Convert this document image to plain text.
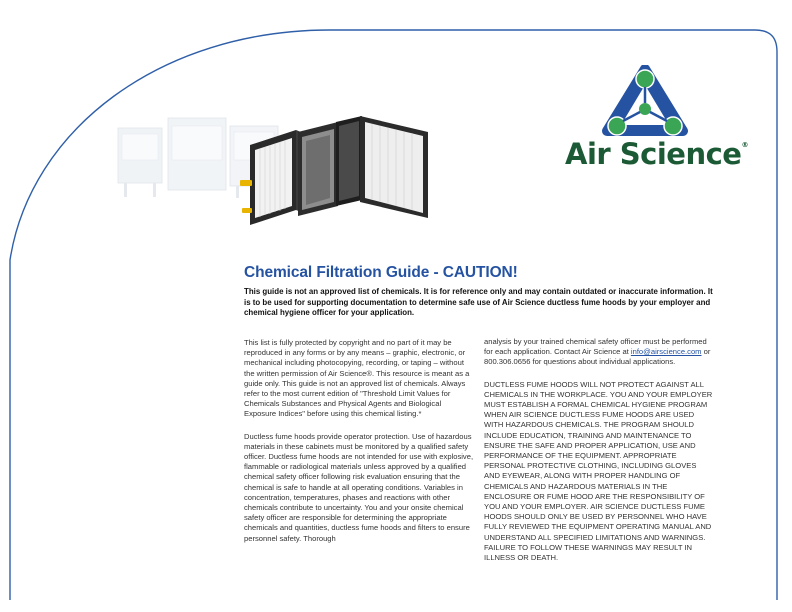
Air Science®
Chemical Filtration Guide - CAUTION!

This guide is not an approved list of chemicals. It is for reference only and may contain outdated or inaccurate information. It is to be used for supporting documentation to determine safe use of Air Science ductless fume hoods by your employer and chemical hygiene officer for your application.

This list is fully protected by copyright and no part of it may be reproduced in any forms or by any means – graphic, electronic, or mechanical including photocopying, recording, or taping – without the written permission of Air Science®. This resource is meant as a guide only. This guide is not an approved list of chemicals. Always refer to the most current edition of "Threshold Limit Values for Chemicals Substances and Physical Agents and Biological Exposure Indices" before using this chemical listing.*

Ductless fume hoods provide operator protection. Use of hazardous materials in these cabinets must be monitored by a qualified safety officer. Ductless fume hoods are not intended for use with explosive, flammable or radiological materials unless approved by a qualified chemical safety officer following risk evaluation ensuring that the chemical is safe to handle at all operating conditions. Variables in concentration, temperatures, phases and reactions with other chemicals contribute to uncertainty. You and your onsite chemical safety officer are responsible for determining the appropriate chemicals and quantities, ductless fume hoods and filters to ensure personnel safety. Thorough

analysis by your trained chemical safety officer must be performed for each application. Contact Air Science at info@airscience.com or 800.306.0656 for questions about individual applications.

DUCTLESS FUME HOODS WILL NOT PROTECT AGAINST ALL CHEMICALS IN THE WORKPLACE. YOU AND YOUR EMPLOYER MUST ESTABLISH A FORMAL CHEMICAL HYGIENE PROGRAM WHEN AIR SCIENCE DUCTLESS FUME HOODS ARE USED WITH HAZARDOUS CHEMICALS. THE PROGRAM SHOULD INCLUDE EDUCATION, TRAINING AND MAINTENANCE TO ENSURE THE SAFE AND PROPER APPLICATION, USE AND PERFORMANCE OF THE EQUIPMENT. APPROPRIATE PERSONAL PROTECTIVE CLOTHING, INCLUDING GLOVES AND EYEWEAR, ALONG WITH PROPER HANDLING OF CHEMICALS AND HAZARDOUS MATERIALS IN THE ENCLOSURE OR FUME HOOD ARE THE RESPONSIBILITY OF YOU AND YOUR EMPLOYER. AIR SCIENCE DUCTLESS FUME HOODS SHOULD ONLY BE USED BY PERSONNEL WHO HAVE FULLY REVIEWED THE EQUIPMENT OPERATING MANUAL AND UNDERSTAND ALL SPECIFIED LIMITATIONS AND WARNINGS. FAILURE TO FOLLOW THESE WARNINGS MAY RESULT IN ILLNESS OR DEATH.
